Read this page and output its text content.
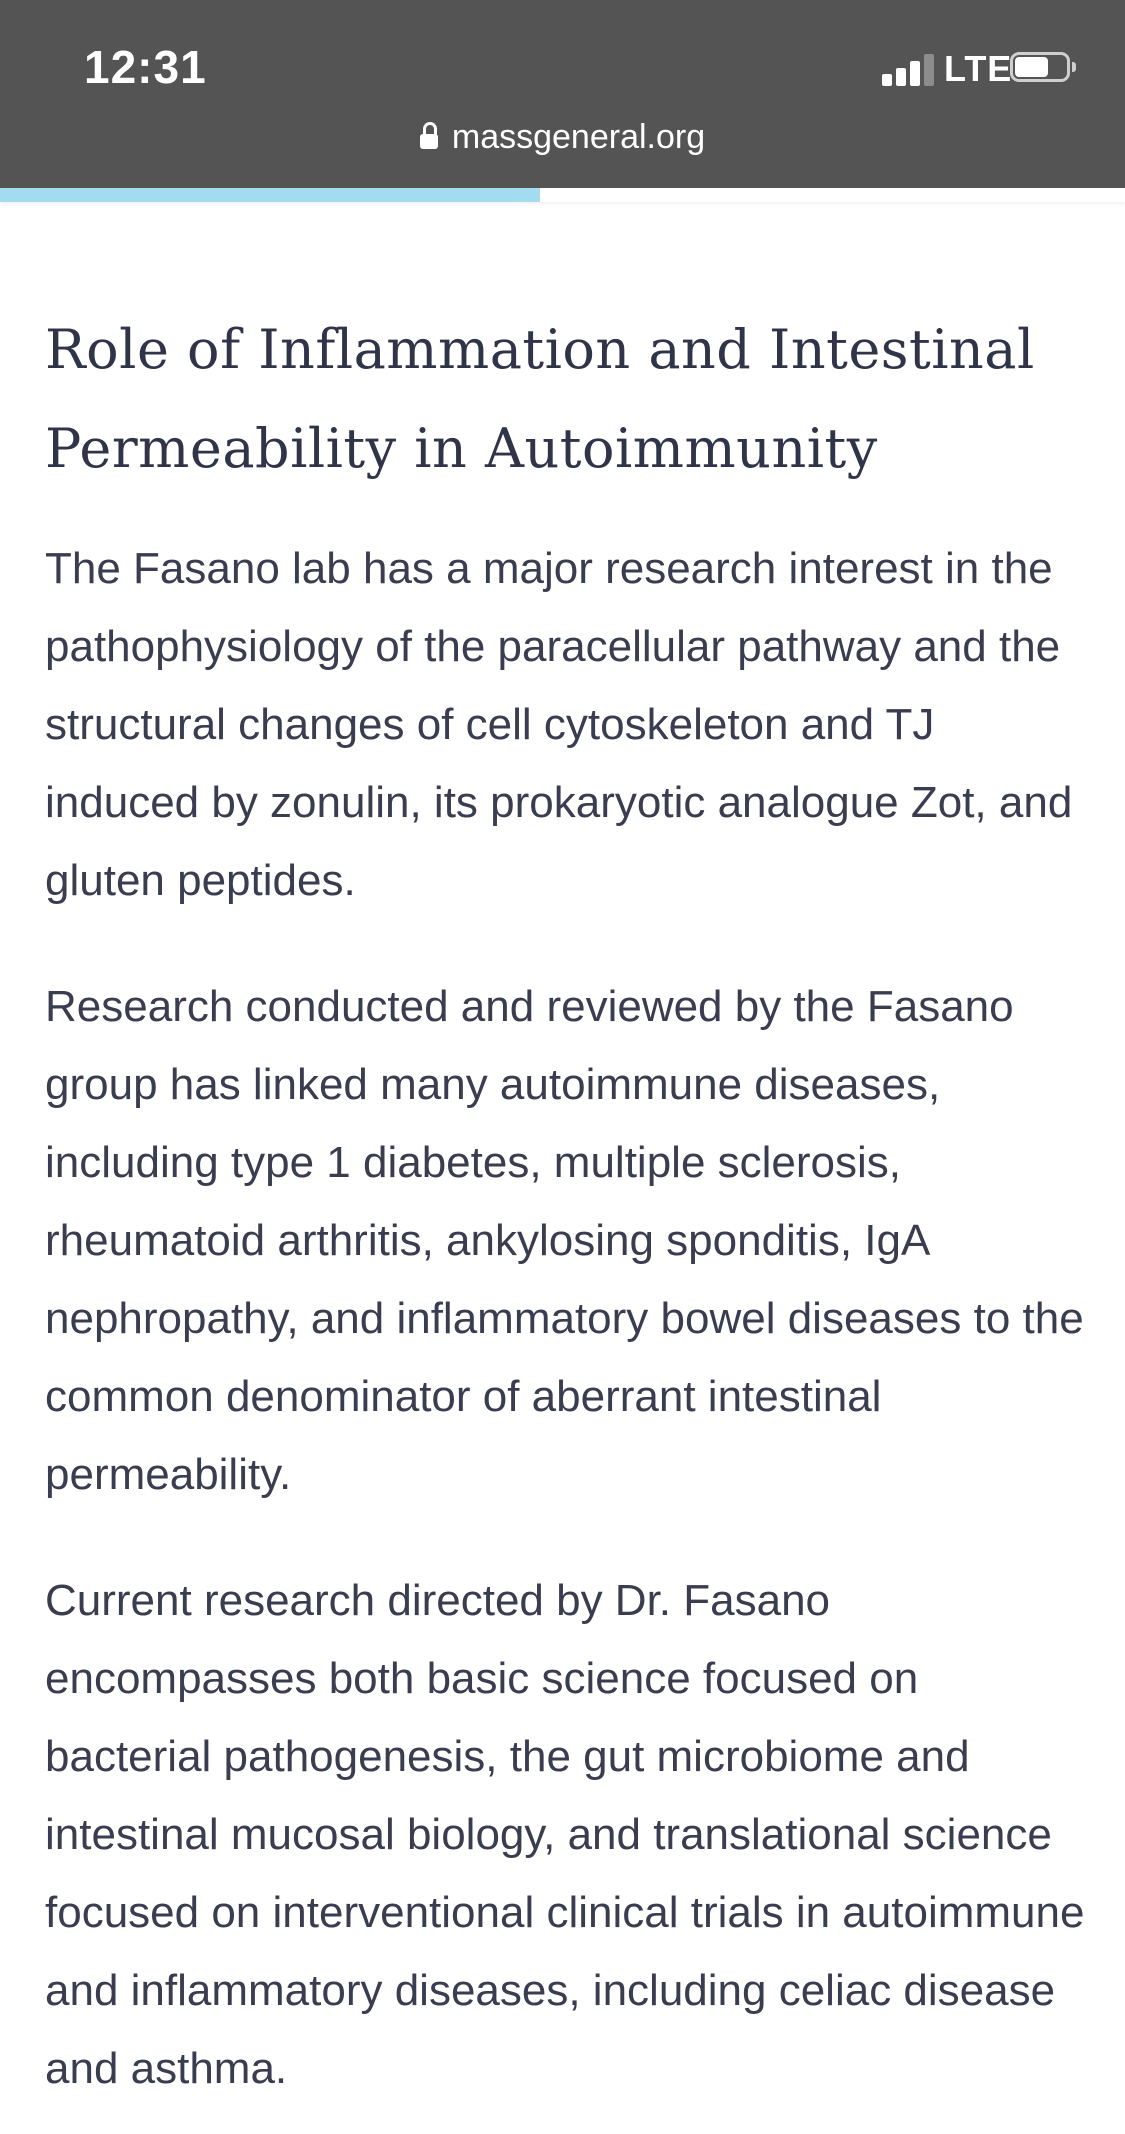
12:31	LTE
massgeneral.org
Role of Inflammation and Intestinal Permeability in Autoimmunity

The Fasano lab has a major research interest in the pathophysiology of the paracellular pathway and the structural changes of cell cytoskeleton and TJ induced by zonulin, its prokaryotic analogue Zot, and gluten peptides.

Research conducted and reviewed by the Fasano group has linked many autoimmune diseases, including type 1 diabetes, multiple sclerosis, rheumatoid arthritis, ankylosing sponditis, IgA nephropathy, and inflammatory bowel diseases to the common denominator of aberrant intestinal permeability.

Current research directed by Dr. Fasano encompasses both basic science focused on bacterial pathogenesis, the gut microbiome and intestinal mucosal biology, and translational science focused on interventional clinical trials in autoimmune and inflammatory diseases, including celiac disease and asthma.
